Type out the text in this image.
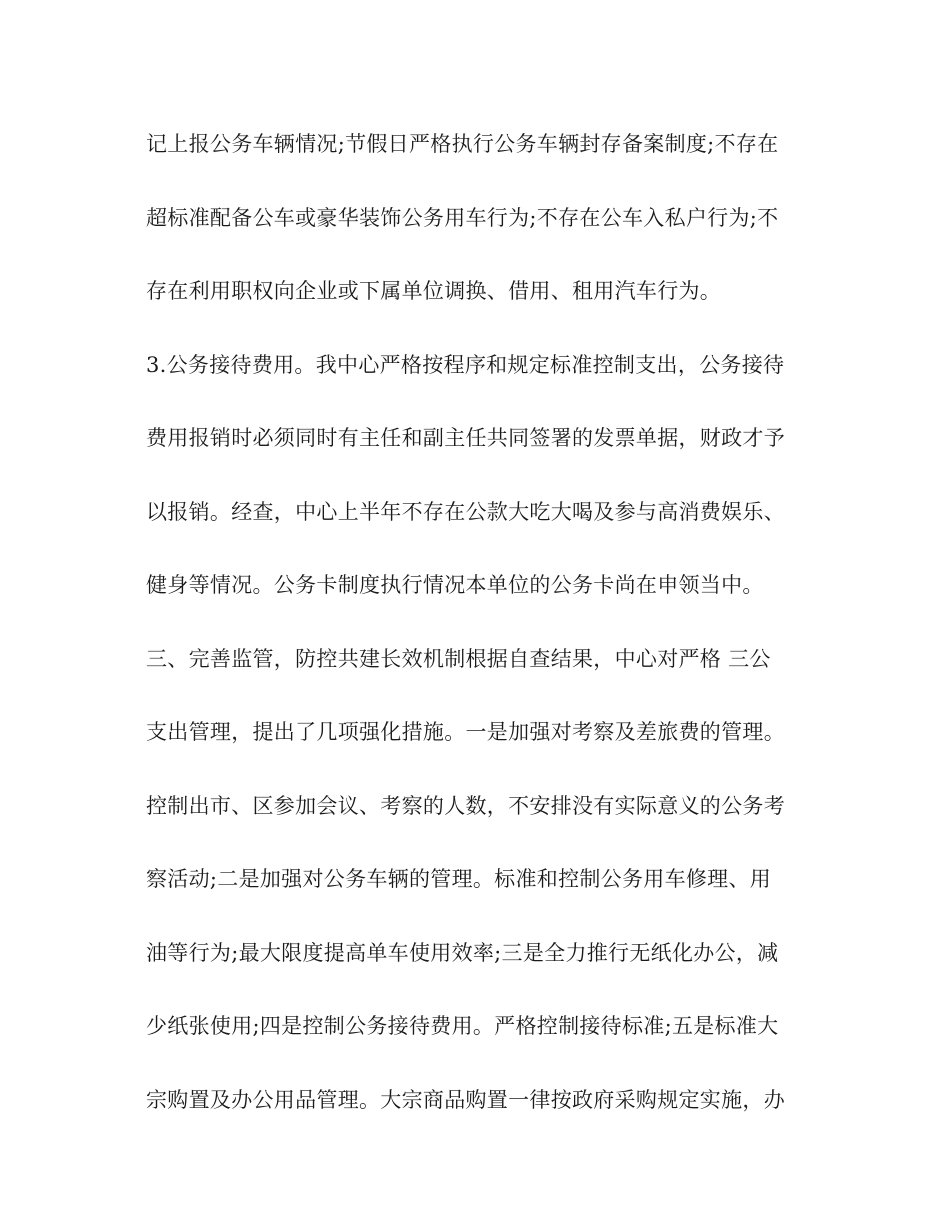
记上报公务车辆情况;节假日严格执行公务车辆封存备案制度;不存在
超标准配备公车或豪华装饰公务用车行为;不存在公车入私户行为;不
存在利用职权向企业或下属单位调换、借用、租用汽车行为。
3.公务接待费用。我中心严格按程序和规定标准控制支出，公务接待
费用报销时必须同时有主任和副主任共同签署的发票单据，财政才予
以报销。经查，中心上半年不存在公款大吃大喝及参与高消费娱乐、
健身等情况。公务卡制度执行情况本单位的公务卡尚在申领当中。
三、完善监管，防控共建长效机制根据自查结果，中心对严格 三公
支出管理，提出了几项强化措施。一是加强对考察及差旅费的管理。
控制出市、区参加会议、考察的人数，不安排没有实际意义的公务考
察活动;二是加强对公务车辆的管理。标准和控制公务用车修理、用
油等行为;最大限度提高单车使用效率;三是全力推行无纸化办公，减
少纸张使用;四是控制公务接待费用。严格控制接待标准;五是标准大
宗购置及办公用品管理。大宗商品购置一律按政府采购规定实施，办
